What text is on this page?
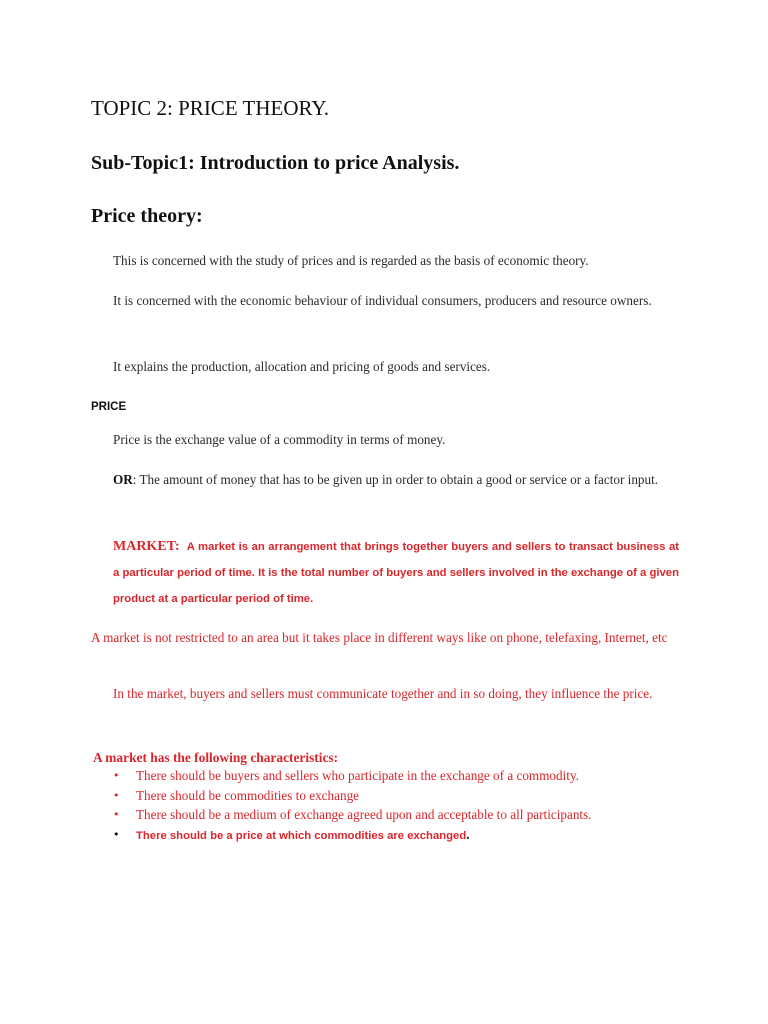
TOPIC 2: PRICE THEORY.
Sub-Topic1: Introduction to price Analysis.
Price theory:

This is concerned with the study of prices and is regarded as the basis of economic theory.

It is concerned with the economic behaviour of individual consumers, producers and resource owners.

It explains the production, allocation and pricing of goods and services.

PRICE

Price is the exchange value of a commodity in terms of money.

OR: The amount of money that has to be given up in order to obtain a good or service or a factor input.

MARKET: A market is an arrangement that brings together buyers and sellers to transact business at a particular period of time. It is the total number of buyers and sellers involved in the exchange of a given product at a particular period of time.

A market is not restricted to an area but it takes place in different ways like on phone, telefaxing, Internet, etc

In the market, buyers and sellers must communicate together and in so doing, they influence the price.

A market has the following characteristics:
• There should be buyers and sellers who participate in the exchange of a commodity.
• There should be commodities to exchange
• There should be a medium of exchange agreed upon and acceptable to all participants.
• There should be a price at which commodities are exchanged.
